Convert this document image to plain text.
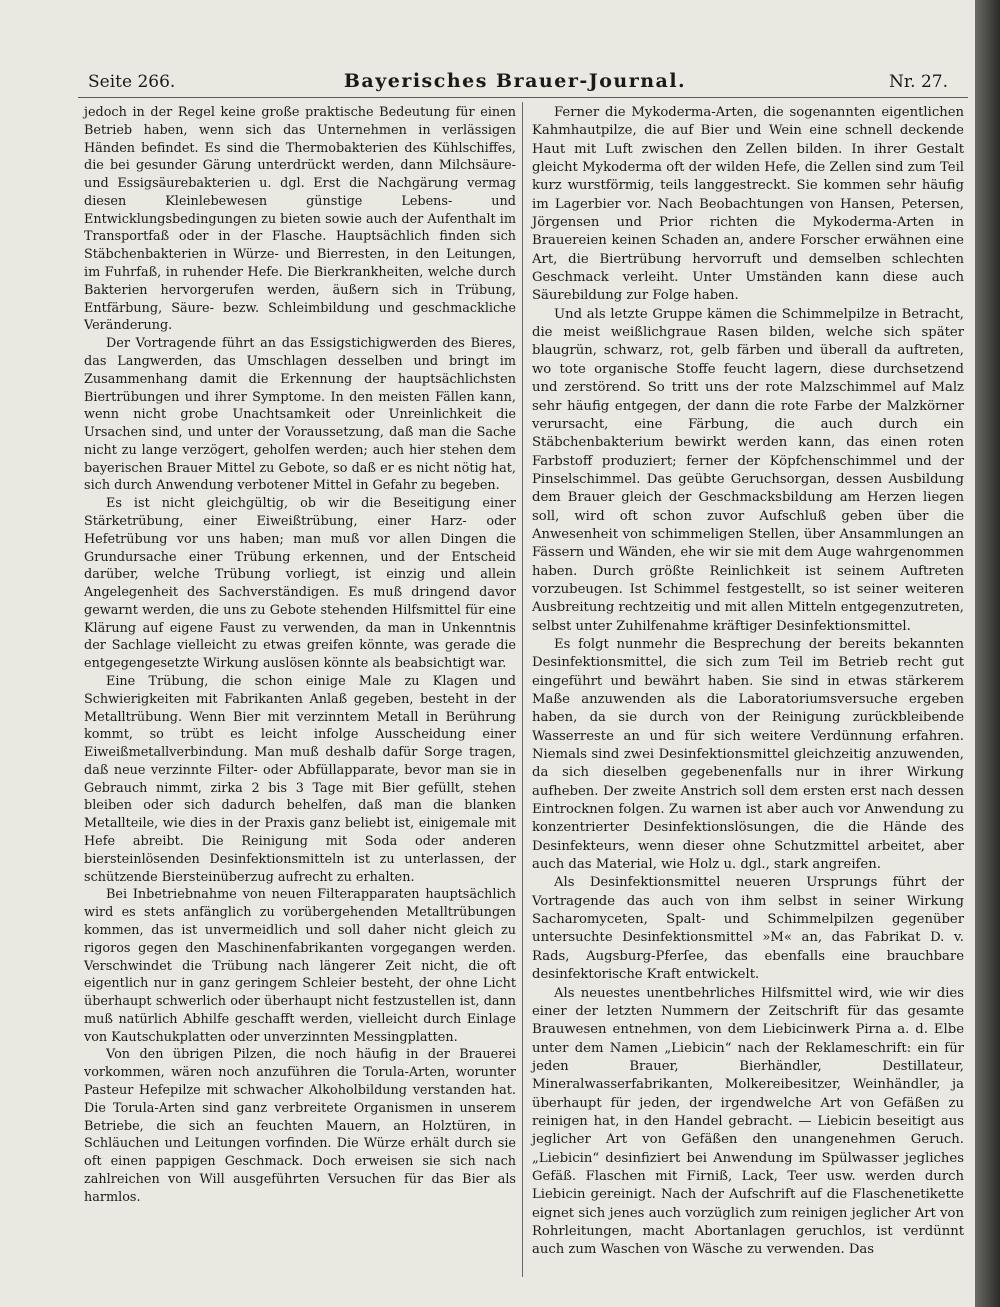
Seite 266.	Bayerisches Brauer-Journal.	Nr. 27.

jedoch in der Regel keine große praktische Bedeutung für einen Betrieb haben, wenn sich das Unternehmen in verlässigen Händen befindet. Es sind die Thermobakterien des Kühlschiffes, die bei gesunder Gärung unterdrückt werden, dann Milchsäure- und Essigsäurebakterien u. dgl. Erst die Nachgärung vermag diesen Kleinlebewesen günstige Lebens- und Entwicklungsbedingungen zu bieten sowie auch der Aufenthalt im Transportfaß oder in der Flasche. Hauptsächlich finden sich Stäbchenbakterien in Würze- und Bierresten, in den Leitungen, im Fuhrfaß, in ruhender Hefe. Die Bierkrankheiten, welche durch Bakterien hervorgerufen werden, äußern sich in Trübung, Entfärbung, Säure- bezw. Schleimbildung und geschmackliche Veränderung.

Der Vortragende führt an das Essigstichigwerden des Bieres, das Langwerden, das Umschlagen desselben und bringt im Zusammenhang damit die Erkennung der hauptsächlichsten Biertrübungen und ihrer Symptome. In den meisten Fällen kann, wenn nicht grobe Unachtsamkeit oder Unreinlichkeit die Ursachen sind, und unter der Voraussetzung, daß man die Sache nicht zu lange verzögert, geholfen werden; auch hier stehen dem bayerischen Brauer Mittel zu Gebote, so daß er es nicht nötig hat, sich durch Anwendung verbotener Mittel in Gefahr zu begeben.

Es ist nicht gleichgültig, ob wir die Beseitigung einer Stärketrübung, einer Eiweißtrübung, einer Harz- oder Hefetrübung vor uns haben; man muß vor allen Dingen die Grundursache einer Trübung erkennen, und der Entscheid darüber, welche Trübung vorliegt, ist einzig und allein Angelegenheit des Sachverständigen. Es muß dringend davor gewarnt werden, die uns zu Gebote stehenden Hilfsmittel für eine Klärung auf eigene Faust zu verwenden, da man in Unkenntnis der Sachlage vielleicht zu etwas greifen könnte, was gerade die entgegengesetzte Wirkung auslösen könnte als beabsichtigt war.

Eine Trübung, die schon einige Male zu Klagen und Schwierigkeiten mit Fabrikanten Anlaß gegeben, besteht in der Metalltrübung. Wenn Bier mit verzinntem Metall in Berührung kommt, so trübt es leicht infolge Ausscheidung einer Eiweißmetallverbindung. Man muß deshalb dafür Sorge tragen, daß neue verzinnte Filter- oder Abfüllapparate, bevor man sie in Gebrauch nimmt, zirka 2 bis 3 Tage mit Bier gefüllt, stehen bleiben oder sich dadurch behelfen, daß man die blanken Metallteile, wie dies in der Praxis ganz beliebt ist, einigemale mit Hefe abreibt. Die Reinigung mit Soda oder anderen biersteinlösenden Desinfektionsmitteln ist zu unterlassen, der schützende Biersteinüberzug aufrecht zu erhalten.

Bei Inbetriebnahme von neuen Filterapparaten hauptsächlich wird es stets anfänglich zu vorübergehenden Metalltrübungen kommen, das ist unvermeidlich und soll daher nicht gleich zu rigoros gegen den Maschinenfabrikanten vorgegangen werden. Verschwindet die Trübung nach längerer Zeit nicht, die oft eigentlich nur in ganz geringem Schleier besteht, der ohne Licht überhaupt schwerlich oder überhaupt nicht festzustellen ist, dann muß natürlich Abhilfe geschafft werden, vielleicht durch Einlage von Kautschukplatten oder unverzinnten Messingplatten.

Von den übrigen Pilzen, die noch häufig in der Brauerei vorkommen, wären noch anzuführen die Torula-Arten, worunter Pasteur Hefepilze mit schwacher Alkoholbildung verstanden hat. Die Torula-Arten sind ganz verbreitete Organismen in unserem Betriebe, die sich an feuchten Mauern, an Holztüren, in Schläuchen und Leitungen vorfinden. Die Würze erhält durch sie oft einen pappigen Geschmack. Doch erweisen sie sich nach zahlreichen von Will ausgeführten Versuchen für das Bier als harmlos.

Ferner die Mykoderma-Arten, die sogenannten eigentlichen Kahmhautpilze, die auf Bier und Wein eine schnell deckende Haut mit Luft zwischen den Zellen bilden. In ihrer Gestalt gleicht Mykoderma oft der wilden Hefe, die Zellen sind zum Teil kurz wurstförmig, teils langgestreckt. Sie kommen sehr häufig im Lagerbier vor. Nach Beobachtungen von Hansen, Petersen, Jörgensen und Prior richten die Mykoderma-Arten in Brauereien keinen Schaden an, andere Forscher erwähnen eine Art, die Biertrübung hervorruft und demselben schlechten Geschmack verleiht. Unter Umständen kann diese auch Säurebildung zur Folge haben.

Und als letzte Gruppe kämen die Schimmelpilze in Betracht, die meist weißlichgraue Rasen bilden, welche sich später blaugrün, schwarz, rot, gelb färben und überall da auftreten, wo tote organische Stoffe feucht lagern, diese durchsetzend und zerstörend. So tritt uns der rote Malzschimmel auf Malz sehr häufig entgegen, der dann die rote Farbe der Malzkörner verursacht, eine Färbung, die auch durch ein Stäbchenbakterium bewirkt werden kann, das einen roten Farbstoff produziert; ferner der Köpfchenschimmel und der Pinselschimmel. Das geübte Geruchsorgan, dessen Ausbildung dem Brauer gleich der Geschmacksbildung am Herzen liegen soll, wird oft schon zuvor Aufschluß geben über die Anwesenheit von schimmeligen Stellen, über Ansammlungen an Fässern und Wänden, ehe wir sie mit dem Auge wahrgenommen haben. Durch größte Reinlichkeit ist seinem Auftreten vorzubeugen. Ist Schimmel festgestellt, so ist seiner weiteren Ausbreitung rechtzeitig und mit allen Mitteln entgegenzutreten, selbst unter Zuhilfenahme kräftiger Desinfektionsmittel.

Es folgt nunmehr die Besprechung der bereits bekannten Desinfektionsmittel, die sich zum Teil im Betrieb recht gut eingeführt und bewährt haben. Sie sind in etwas stärkerem Maße anzuwenden als die Laboratoriumsversuche ergeben haben, da sie durch von der Reinigung zurückbleibende Wasserreste an und für sich weitere Verdünnung erfahren. Niemals sind zwei Desinfektionsmittel gleichzeitig anzuwenden, da sich dieselben gegebenenfalls nur in ihrer Wirkung aufheben. Der zweite Anstrich soll dem ersten erst nach dessen Eintrocknen folgen. Zu warnen ist aber auch vor Anwendung zu konzentrierter Desinfektionslösungen, die die Hände des Desinfekteurs, wenn dieser ohne Schutzmittel arbeitet, aber auch das Material, wie Holz u. dgl., stark angreifen.

Als Desinfektionsmittel neueren Ursprungs führt der Vortragende das auch von ihm selbst in seiner Wirkung Sacharomyceten, Spalt- und Schimmelpilzen gegenüber untersuchte Desinfektionsmittel »M« an, das Fabrikat D. v. Rads, Augsburg-Pferſee, das ebenfalls eine brauchbare desinfektorische Kraft entwickelt.

Als neuestes unentbehrliches Hilfsmittel wird, wie wir dies einer der letzten Nummern der Zeitschrift für das gesamte Brauwesen entnehmen, von dem Liebicinwerk Pirna a. d. Elbe unter dem Namen „Liebicin“ nach der Reklameschrift: ein für jeden Brauer, Bierhändler, Destillateur, Mineralwasserfabrikanten, Molkereibesitzer, Weinhändler, ja überhaupt für jeden, der irgendwelche Art von Gefäßen zu reinigen hat, in den Handel gebracht. — Liebicin beseitigt aus jeglicher Art von Gefäßen den unangenehmen Geruch. „Liebicin“ desinfiziert bei Anwendung im Spülwasser jegliches Gefäß. Flaschen mit Firniß, Lack, Teer usw. werden durch Liebicin gereinigt. Nach der Aufschrift auf die Flaschenetikette eignet sich jenes auch vorzüglich zum reinigen jeglicher Art von Rohrleitungen, macht Abortanlagen geruchlos, ist verdünnt auch zum Waschen von Wäsche zu verwenden. Das
